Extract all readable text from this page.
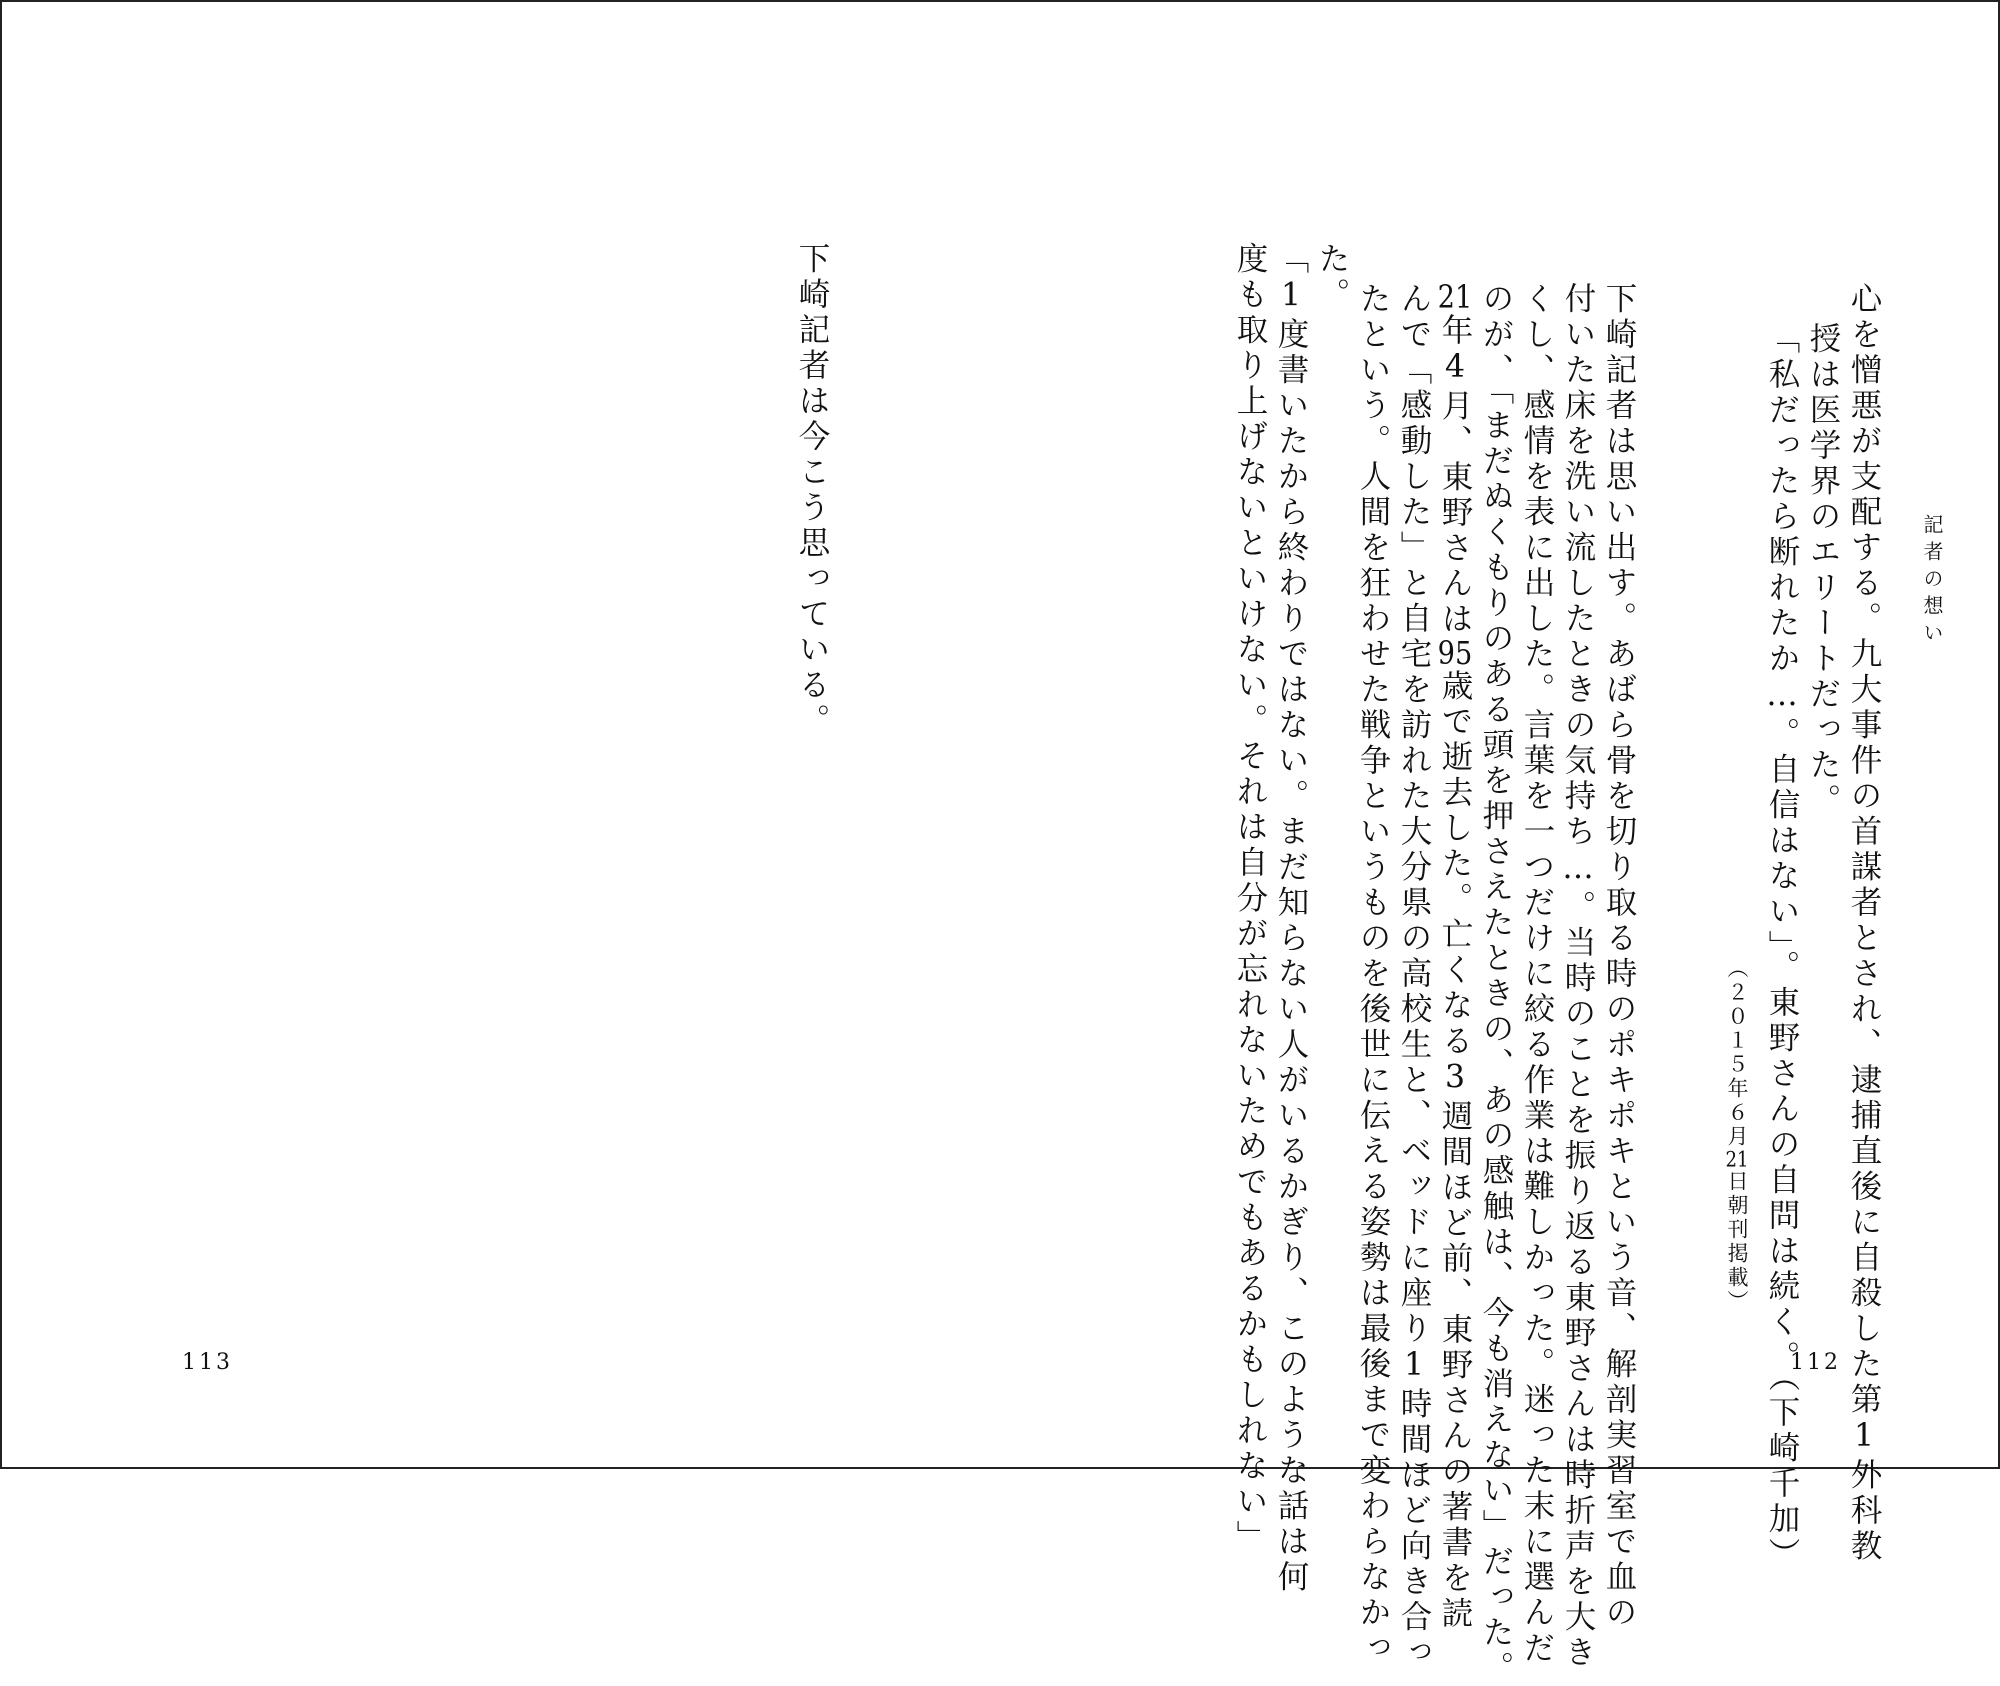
記者の想い
心を憎悪が支配する。九大事件の首謀者とされ、逮捕直後に自殺した第1外科教
授は医学界のエリートだった。
「私だったら断れたか…。自信はない」。東野さんの自問は続く。（下崎千加）
（２０１５年６月21日朝刊掲載）
下崎記者は思い出す。あばら骨を切り取る時のポキポキという音、解剖実習室で血の
付いた床を洗い流したときの気持ち…。当時のことを振り返る東野さんは時折声を大き
くし、感情を表に出した。言葉を一つだけに絞る作業は難しかった。迷った末に選んだ
のが、「まだぬくもりのある頭を押さえたときの、あの感触は、今も消えない」だった。
21年4月、東野さんは95歳で逝去した。亡くなる3週間ほど前、東野さんの著書を読
んで「感動した」と自宅を訪れた大分県の高校生と、ベッドに座り1時間ほど向き合っ
たという。人間を狂わせた戦争というものを後世に伝える姿勢は最後まで変わらなかっ
た。
「1度書いたから終わりではない。まだ知らない人がいるかぎり、このような話は何
度も取り上げないといけない。それは自分が忘れないためでもあるかもしれない」	112
下崎記者は今こう思っている。
113
